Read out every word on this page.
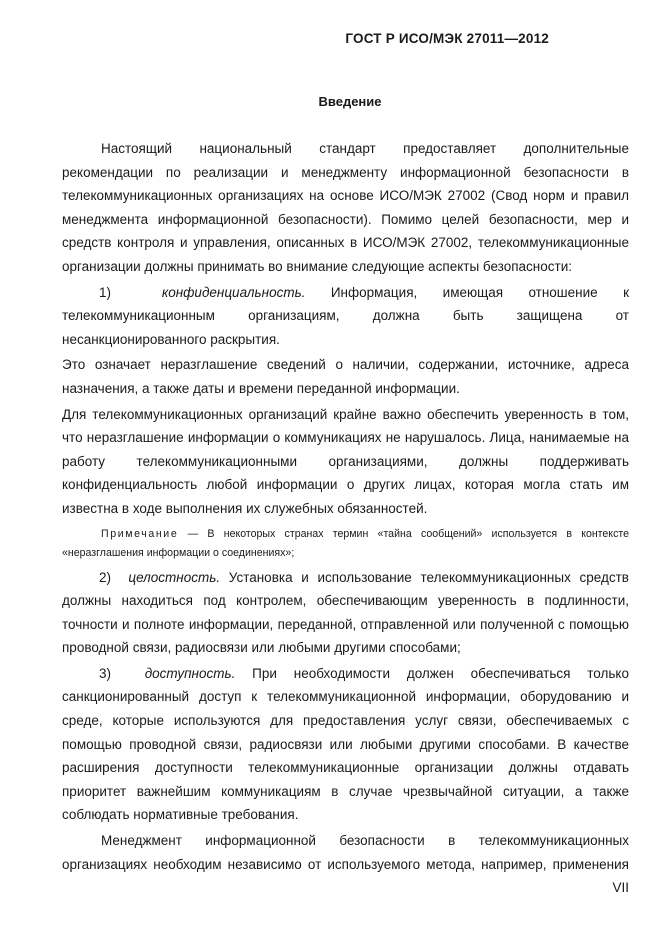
ГОСТ Р ИСО/МЭК 27011—2012
Введение

Настоящий национальный стандарт предоставляет дополнительные рекомендации по реализации и менеджменту информационной безопасности в телекоммуникационных организациях на основе ИСО/МЭК 27002 (Свод норм и правил менеджмента информационной безопасности). Помимо целей безопасности, мер и средств контроля и управления, описанных в ИСО/МЭК 27002, телекоммуникационные организации должны принимать во внимание следующие аспекты безопасности:

1)	конфиденциальность. Информация, имеющая отношение к телекоммуникационным организациям, должна быть защищена от несанкционированного раскрытия.

Это означает неразглашение сведений о наличии, содержании, источнике, адреса назначения, а также даты и времени переданной информации.

Для телекоммуникационных организаций крайне важно обеспечить уверенность в том, что неразглашение информации о коммуникациях не нарушалось. Лица, нанимаемые на работу телекоммуникационными организациями, должны поддерживать конфиденциальность любой информации о других лицах, которая могла стать им известна в ходе выполнения их служебных обязанностей.

Примечание — В некоторых странах термин «тайна сообщений» используется в контексте «неразглашения информации о соединениях»;

2) целостность. Установка и использование телекоммуникационных средств должны находиться под контролем, обеспечивающим уверенность в подлинности, точности и полноте информации, переданной, отправленной или полученной с помощью проводной связи, радиосвязи или любыми другими способами;

3) доступность. При необходимости должен обеспечиваться только санкционированный доступ к телекоммуникационной информации, оборудованию и среде, которые используются для предоставления услуг связи, обеспечиваемых с помощью проводной связи, радиосвязи или любыми другими способами. В качестве расширения доступности телекоммуникационные организации должны отдавать приоритет важнейшим коммуникациям в случае чрезвычайной ситуации, а также соблюдать нормативные требования.

Менеджмент информационной безопасности в телекоммуникационных организациях необходим независимо от используемого метода, например, применения

VII
